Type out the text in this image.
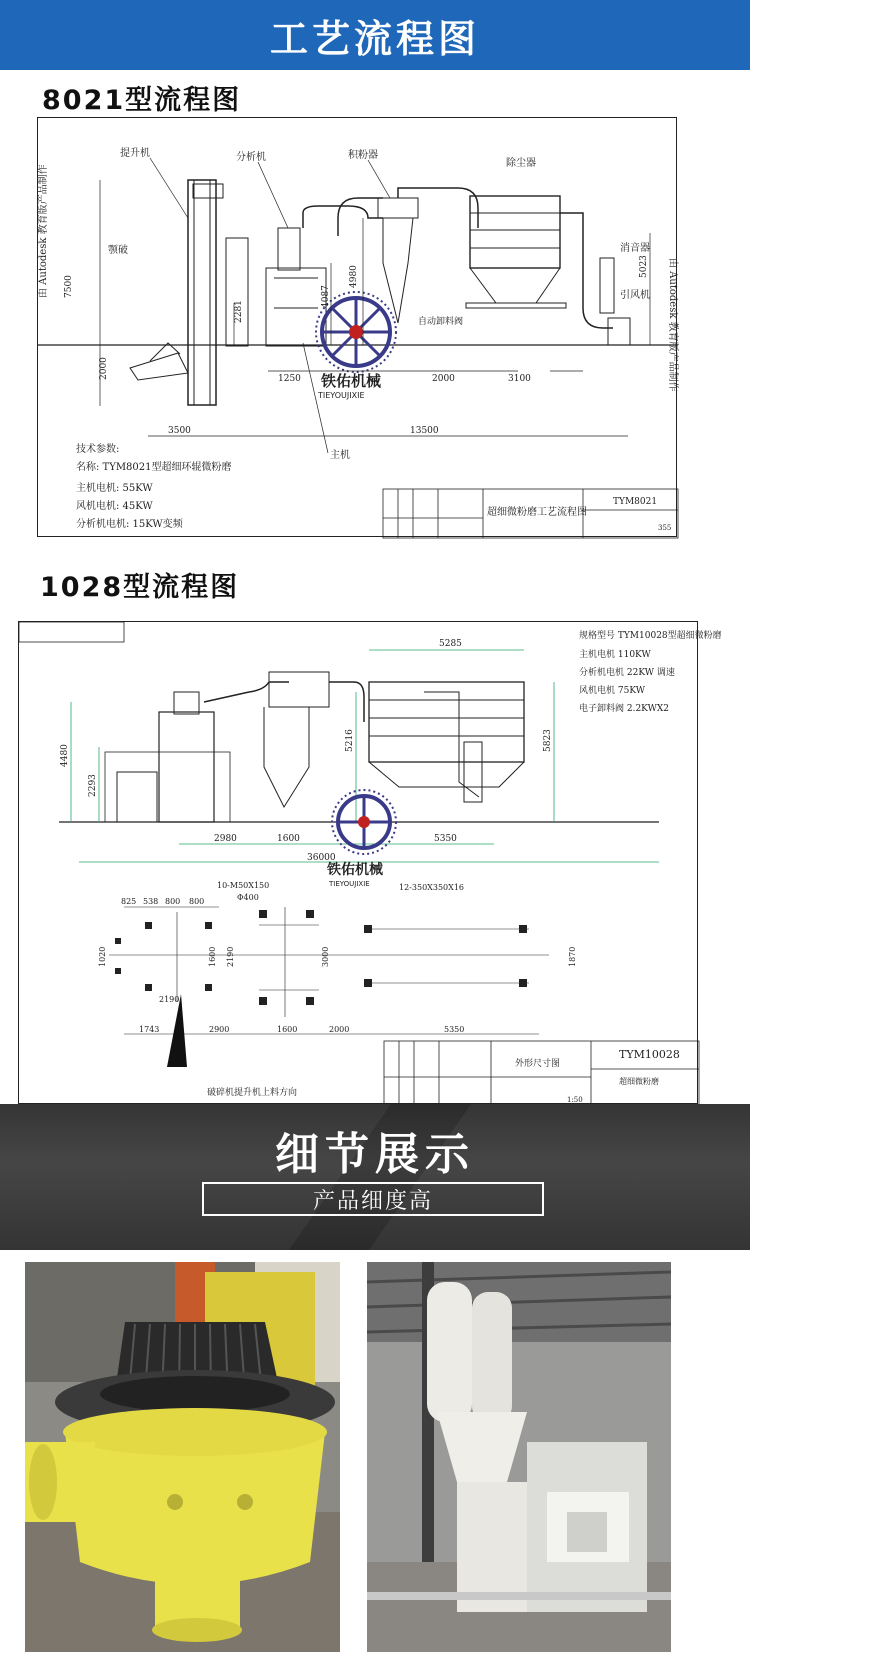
工艺流程图
8021型流程图
由 Autodesk 教育版产品制作
由 Autodesk 教育版产品制作
铁佑机械
TIEYOUJIXIE
提升机	分析机	积粉器
除尘器
颚破	消音器
引风机
主机
自动卸料阀
7500
2000
2281
4087
4980	5023
1250	2000	3100
3500	13500
技术参数:
名称: TYM8021型超细环辊微粉磨
主机电机: 55KW
风机电机: 45KW
分析机电机: 15KW变频
超细微粉磨工艺流程图
TYM8021
355
1028型流程图
5285
4480
2293
5216	5823
2980	1600	5350
36000
铁佑机械
TIEYOUJIXIE
规格型号 TYM10028型超细微粉磨
主机电机 110KW
分析机电机 22KW 调速
风机电机 75KW
电子卸料阀 2.2KWX2
10-M50X150
Φ400
12-350X350X16
825 538 800 800
1020	1600 2190	3000	1870
2190
1743	2900	1600	2000	5350
破碎机提升机上料方向
外形尺寸图
TYM10028
超细微粉磨
1:50
细节展示
产品细度高
